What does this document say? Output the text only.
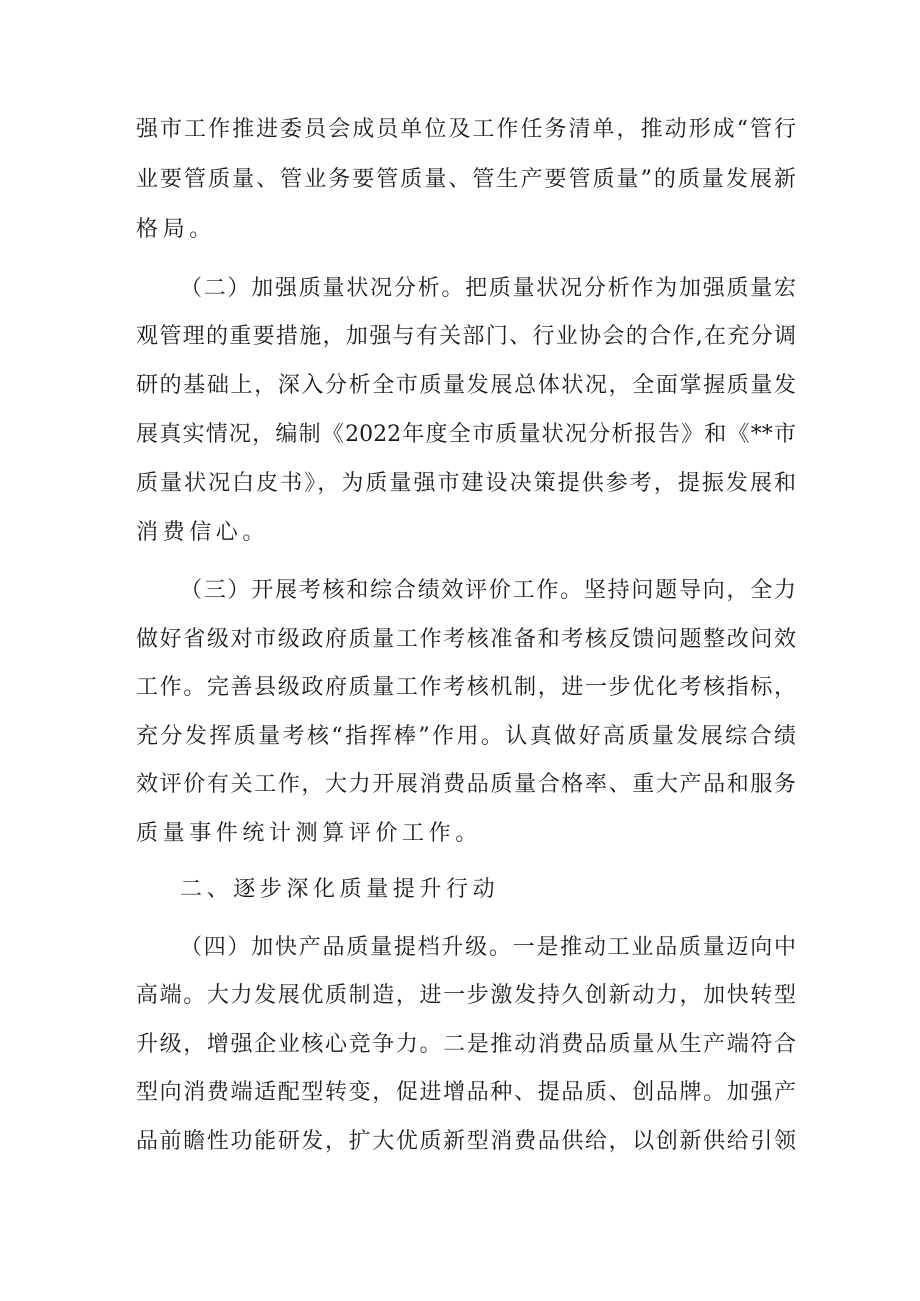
强市工作推进委员会成员单位及工作任务清单，推动形成“管行
业要管质量、管业务要管质量、管生产要管质量”的质量发展新
格局。
（二）加强质量状况分析。把质量状况分析作为加强质量宏
观管理的重要措施，加强与有关部门、行业协会的合作,在充分调
研的基础上，深入分析全市质量发展总体状况，全面掌握质量发
展真实情况，编制《2022年度全市质量状况分析报告》和《**市
质量状况白皮书》，为质量强市建设决策提供参考，提振发展和
消费信心。
（三）开展考核和综合绩效评价工作。坚持问题导向，全力
做好省级对市级政府质量工作考核准备和考核反馈问题整改问效
工作。完善县级政府质量工作考核机制，进一步优化考核指标，
充分发挥质量考核“指挥棒”作用。认真做好高质量发展综合绩
效评价有关工作，大力开展消费品质量合格率、重大产品和服务
质量事件统计测算评价工作。
二、逐步深化质量提升行动
（四）加快产品质量提档升级。一是推动工业品质量迈向中
高端。大力发展优质制造，进一步激发持久创新动力，加快转型
升级，增强企业核心竞争力。二是推动消费品质量从生产端符合
型向消费端适配型转变，促进增品种、提品质、创品牌。加强产
品前瞻性功能研发，扩大优质新型消费品供给，以创新供给引领
